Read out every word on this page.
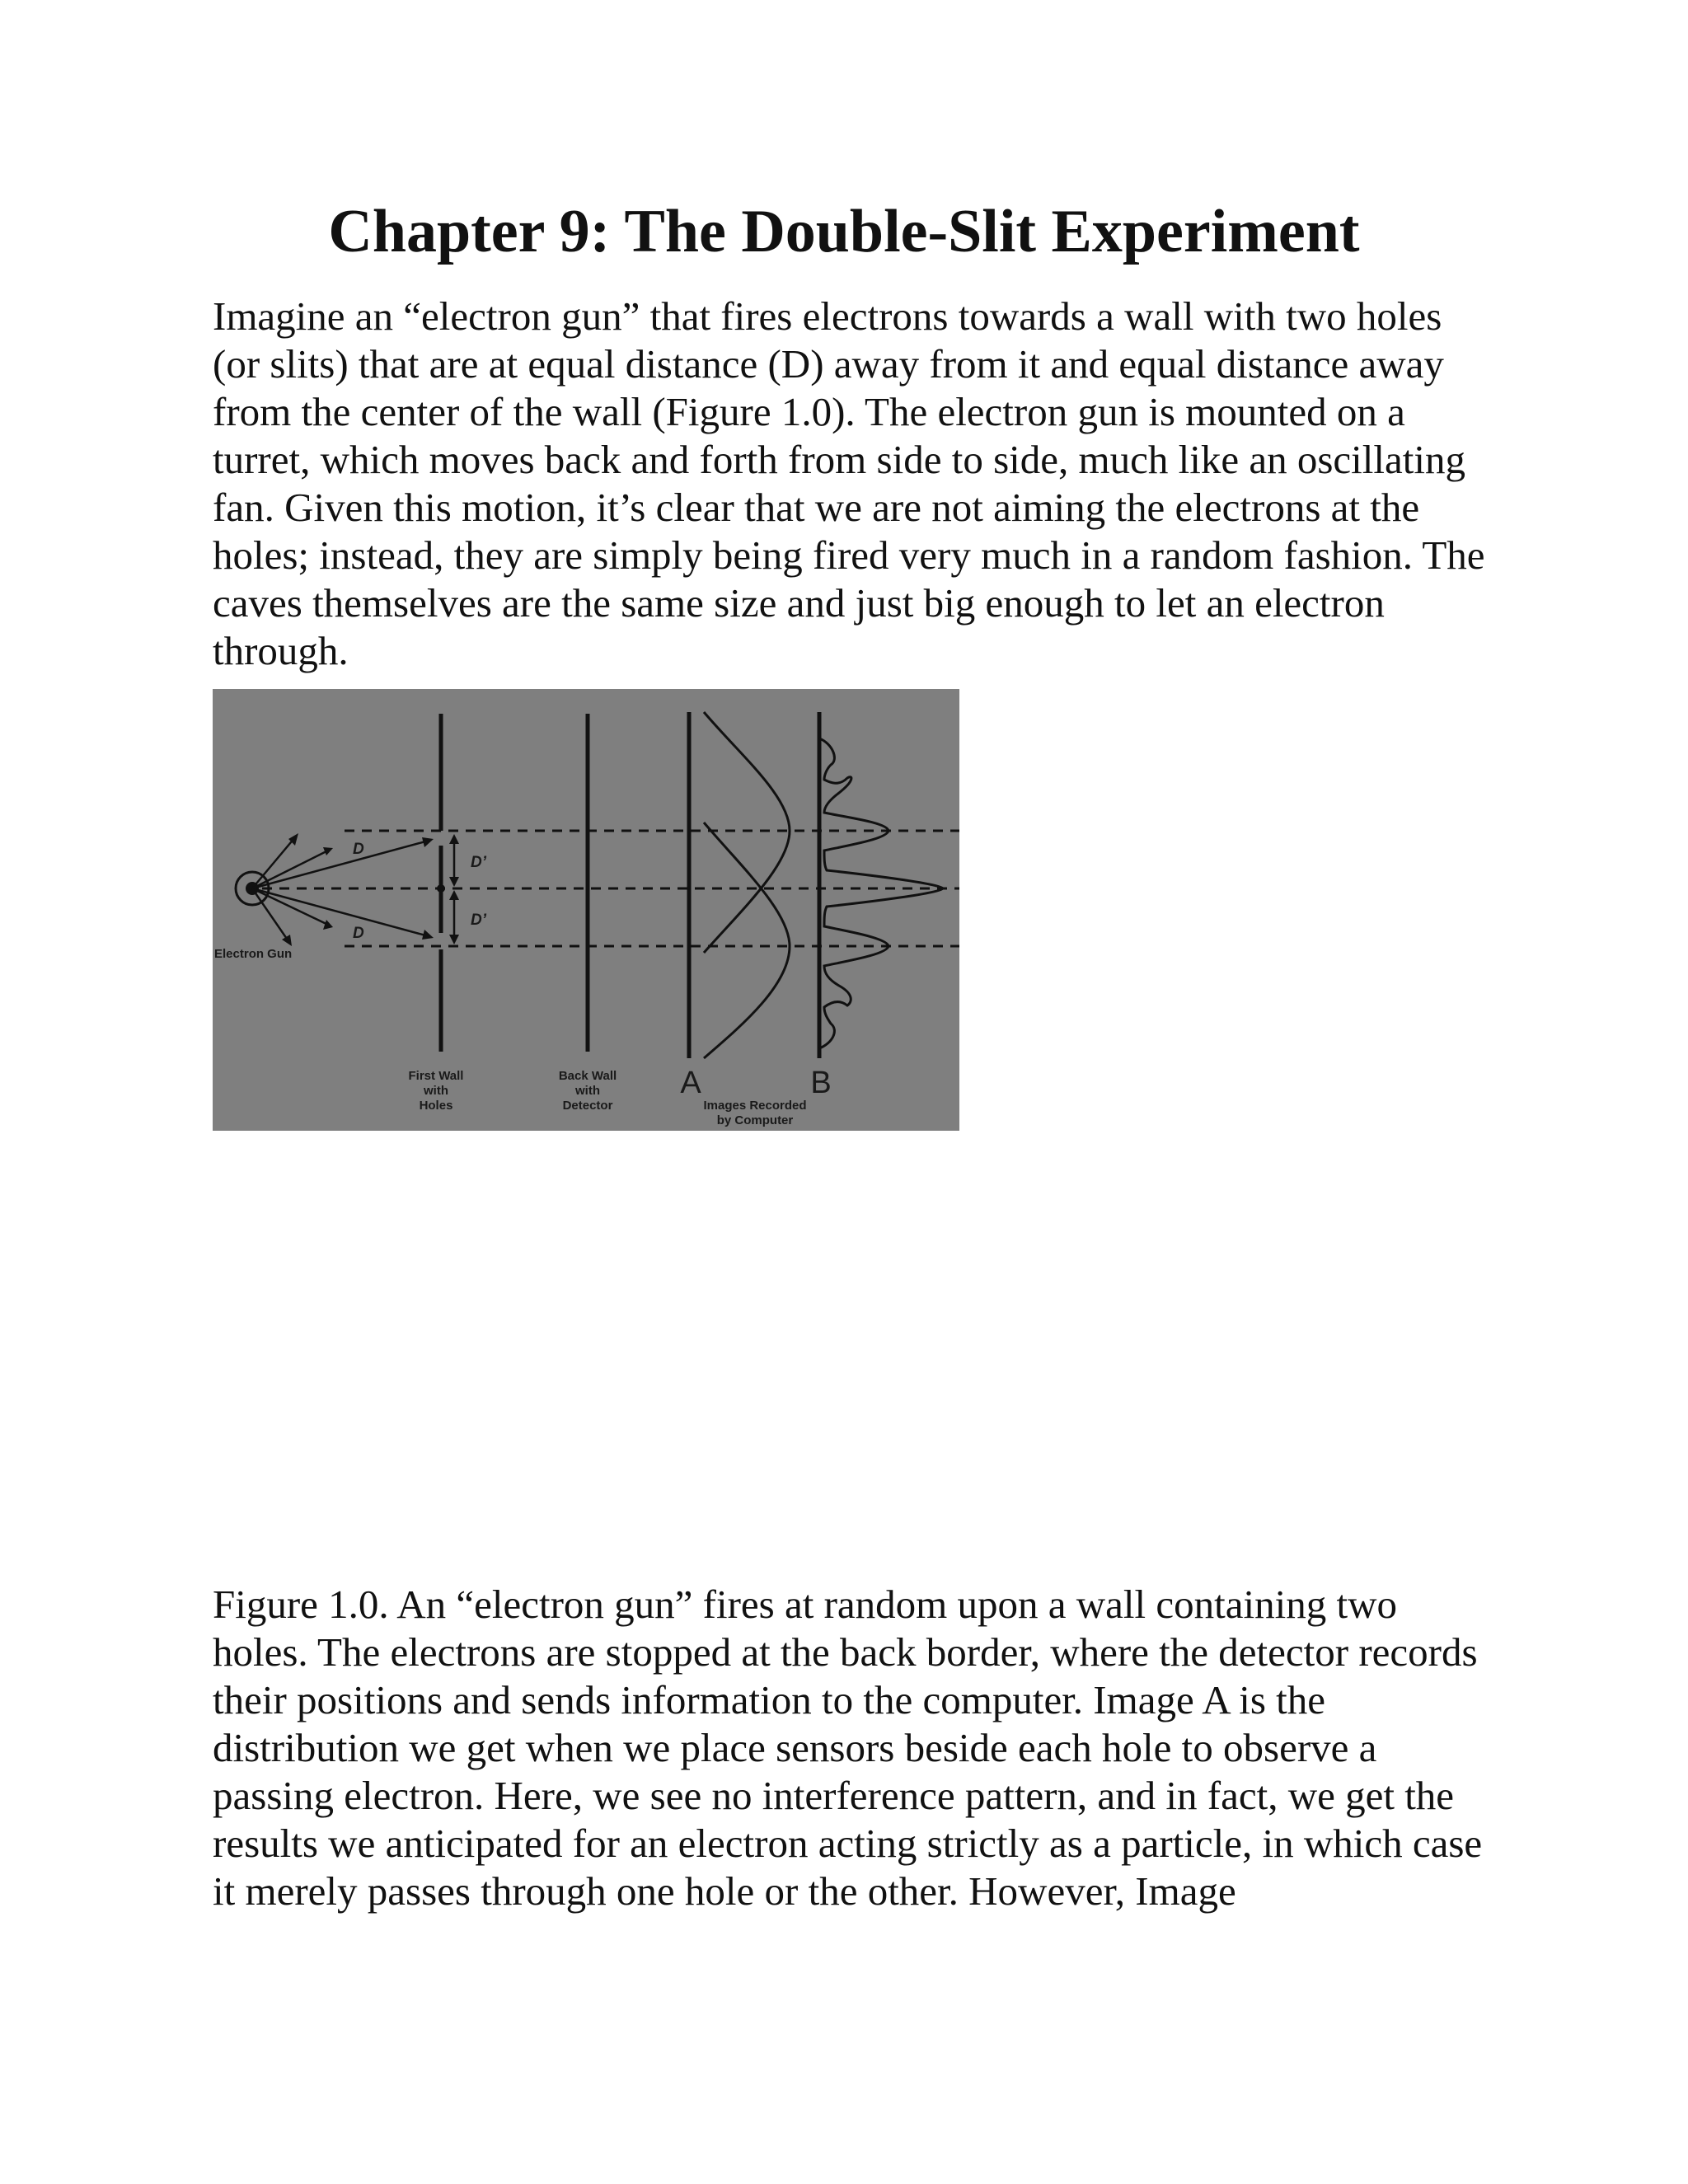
Chapter 9: The Double-Slit Experiment

Imagine an “electron gun” that fires electrons towards a wall with two holes (or slits) that are at equal distance (D) away from it and equal distance away from the center of the wall (Figure 1.0). The electron gun is mounted on a turret, which moves back and forth from side to side, much like an oscillating fan. Given this motion, it’s clear that we are not aiming the electrons at the holes; instead, they are simply being fired very much in a random fashion. The caves themselves are the same size and just big enough to let an electron through.

D
D
D’
D’
Electron Gun
First Wall
with
Holes
Back Wall
with
Detector
A	B
Images Recorded
by Computer

Figure 1.0. An “electron gun” fires at random upon a wall containing two holes. The electrons are stopped at the back border, where the detector records their positions and sends information to the computer. Image A is the distribution we get when we place sensors beside each hole to observe a passing electron. Here, we see no interference pattern, and in fact, we get the results we anticipated for an electron acting strictly as a particle, in which case it merely passes through one hole or the other. However, Image
